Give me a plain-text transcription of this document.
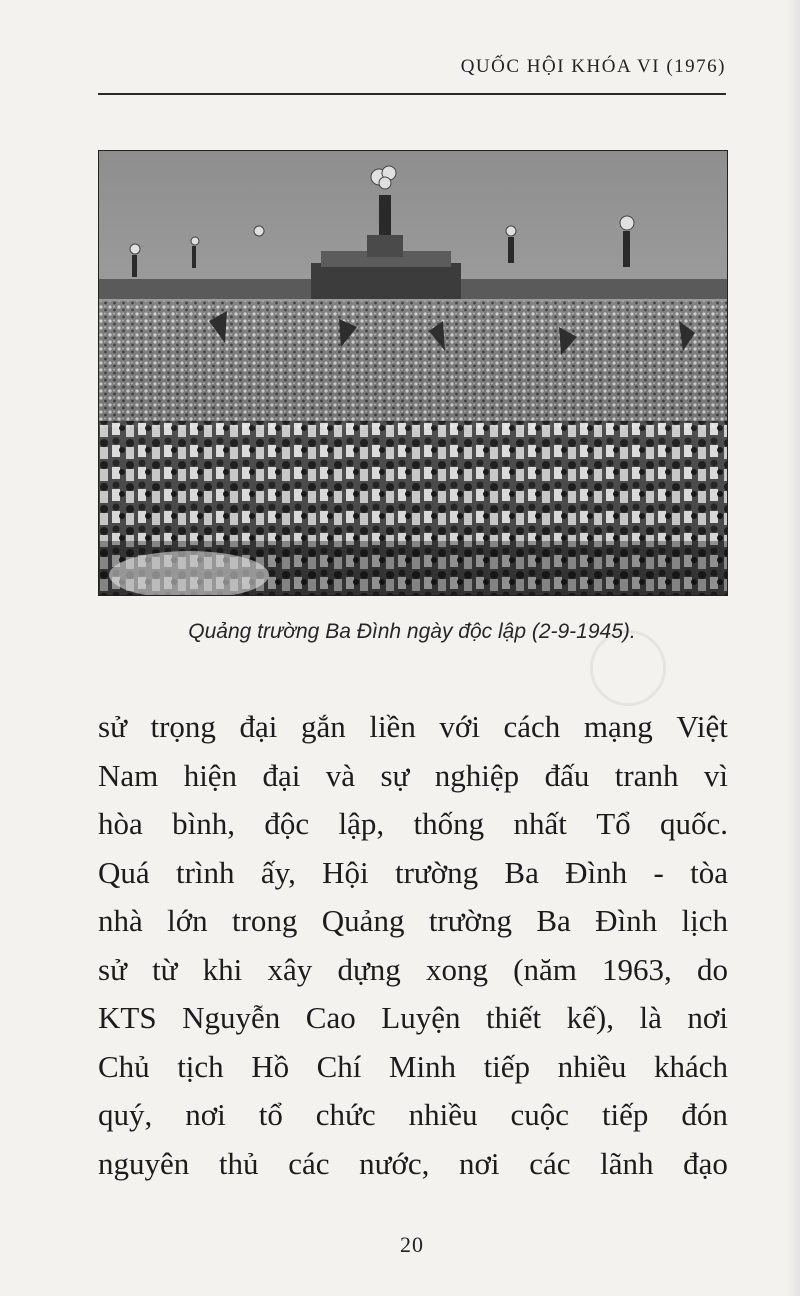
QUỐC HỘI KHÓA VI (1976)
Quảng trường Ba Đình ngày độc lập (2-9-1945).
sử trọng đại gắn liền với cách mạng Việt
Nam hiện đại và sự nghiệp đấu tranh vì
hòa bình, độc lập, thống nhất Tổ quốc.
Quá trình ấy, Hội trường Ba Đình - tòa
nhà lớn trong Quảng trường Ba Đình lịch
sử từ khi xây dựng xong (năm 1963, do
KTS Nguyễn Cao Luyện thiết kế), là nơi
Chủ tịch Hồ Chí Minh tiếp nhiều khách
quý, nơi tổ chức nhiều cuộc tiếp đón
nguyên thủ các nước, nơi các lãnh đạo
20
